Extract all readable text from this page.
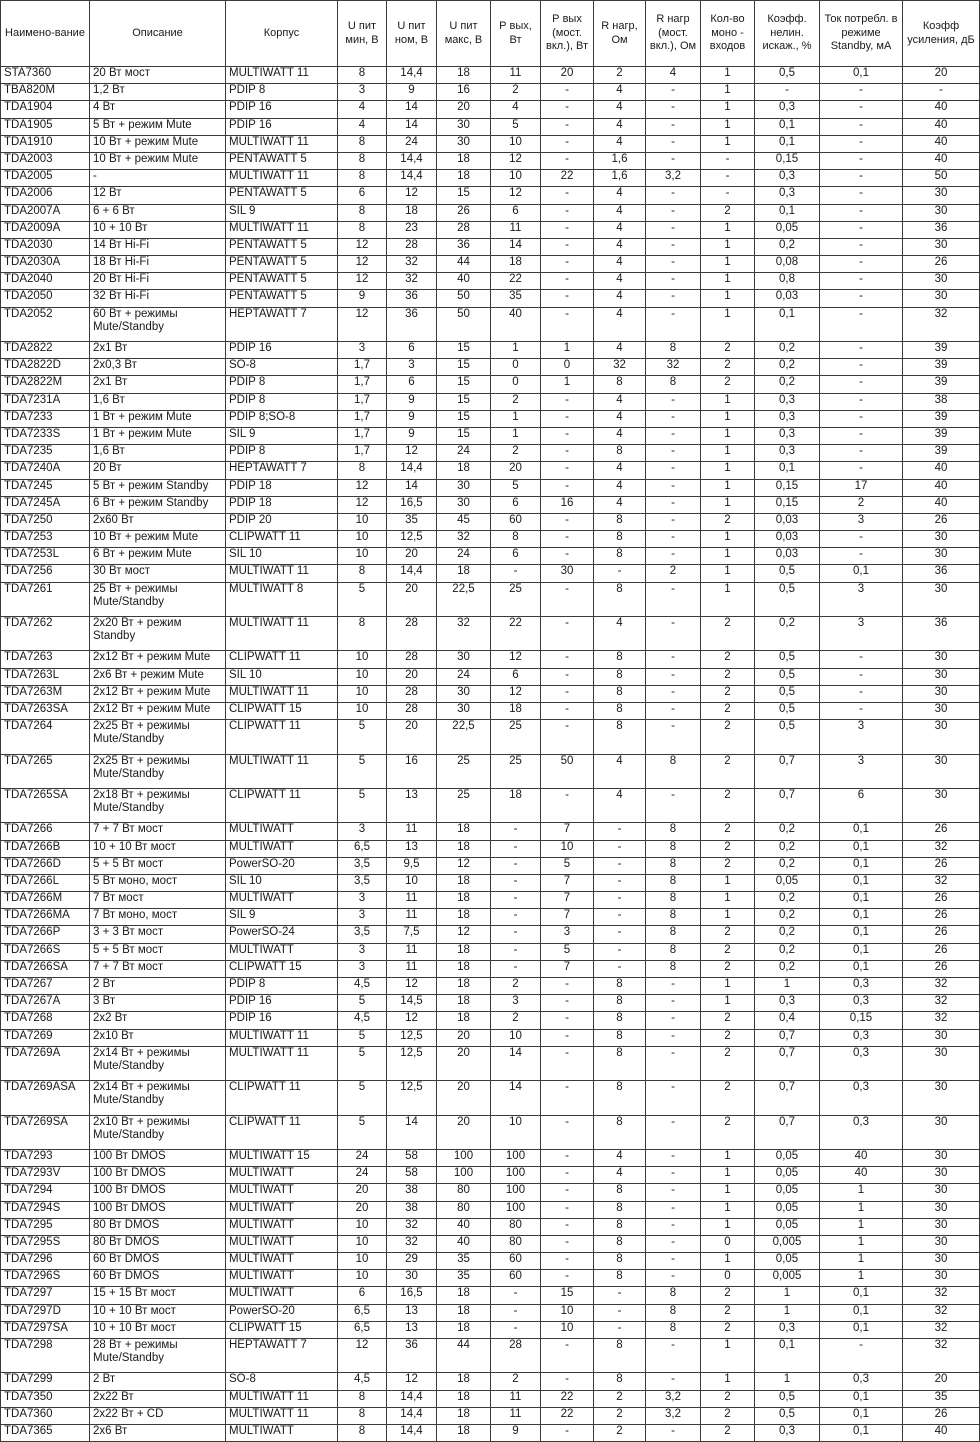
Наимено-вание	Описание	Корпус	U пит мин, В	U пит ном, В	U пит макс, В	Р вых, Вт	Р вых (мост. вкл.), Вт	R нагр, Ом	R нагр (мост. вкл.), Ом	Кол-во моно - входов	Коэфф. нелин. искаж., %	Ток потребл. в режиме Standby, мА	Коэфф усиления, дБ
STA7360	20 Вт мост	MULTIWATT 11	8	14,4	18	11	20	2	4	1	0,5	0,1	20
TBA820M	1,2 Вт	PDIP 8	3	9	16	2	-	4	-	1	-	-	-
TDA1904	4 Вт	PDIP 16	4	14	20	4	-	4	-	1	0,3	-	40
TDA1905	5 Вт + режим Mute	PDIP 16	4	14	30	5	-	4	-	1	0,1	-	40
TDA1910	10 Вт + режим Mute	MULTIWATT 11	8	24	30	10	-	4	-	1	0,1	-	40
TDA2003	10 Вт + режим Mute	PENTAWATT 5	8	14,4	18	12	-	1,6	-	-	0,15	-	40
TDA2005	-	MULTIWATT 11	8	14,4	18	10	22	1,6	3,2	-	0,3	-	50
TDA2006	12 Вт	PENTAWATT 5	6	12	15	12	-	4	-	-	0,3	-	30
TDA2007A	6 + 6 Вт	SIL 9	8	18	26	6	-	4	-	2	0,1	-	30
TDA2009A	10 + 10 Вт	MULTIWATT 11	8	23	28	11	-	4	-	1	0,05	-	36
TDA2030	14 Вт Hi-Fi	PENTAWATT 5	12	28	36	14	-	4	-	1	0,2	-	30
TDA2030A	18 Вт Hi-Fi	PENTAWATT 5	12	32	44	18	-	4	-	1	0,08	-	26
TDA2040	20 Вт Hi-Fi	PENTAWATT 5	12	32	40	22	-	4	-	1	0,8	-	30
TDA2050	32 Вт Hi-Fi	PENTAWATT 5	9	36	50	35	-	4	-	1	0,03	-	30
TDA2052	60 Вт + режимы Mute/Standby	HEPTAWATT 7	12	36	50	40	-	4	-	1	0,1	-	32
TDA2822	2x1 Вт	PDIP 16	3	6	15	1	1	4	8	2	0,2	-	39
TDA2822D	2x0,3 Вт	SO-8	1,7	3	15	0	0	32	32	2	0,2	-	39
TDA2822M	2x1 Вт	PDIP 8	1,7	6	15	0	1	8	8	2	0,2	-	39
TDA7231A	1,6 Вт	PDIP 8	1,7	9	15	2	-	4	-	1	0,3	-	38
TDA7233	1 Вт + режим Mute	PDIP 8;SO-8	1,7	9	15	1	-	4	-	1	0,3	-	39
TDA7233S	1 Вт + режим Mute	SIL 9	1,7	9	15	1	-	4	-	1	0,3	-	39
TDA7235	1,6 Вт	PDIP 8	1,7	12	24	2	-	8	-	1	0,3	-	39
TDA7240A	20 Вт	HEPTAWATT 7	8	14,4	18	20	-	4	-	1	0,1	-	40
TDA7245	5 Вт + режим Standby	PDIP 18	12	14	30	5	-	4	-	1	0,15	17	40
TDA7245A	6 Вт + режим Standby	PDIP 18	12	16,5	30	6	16	4	-	1	0,15	2	40
TDA7250	2x60 Вт	PDIP 20	10	35	45	60	-	8	-	2	0,03	3	26
TDA7253	10 Вт + режим Mute	CLIPWATT 11	10	12,5	32	8	-	8	-	1	0,03	-	30
TDA7253L	6 Вт + режим Mute	SIL 10	10	20	24	6	-	8	-	1	0,03	-	30
TDA7256	30 Вт мост	MULTIWATT 11	8	14,4	18	-	30	-	2	1	0,5	0,1	36
TDA7261	25 Вт + режимы Mute/Standby	MULTIWATT 8	5	20	22,5	25	-	8	-	1	0,5	3	30
TDA7262	2x20 Вт + режим Standby	MULTIWATT 11	8	28	32	22	-	4	-	2	0,2	3	36
TDA7263	2x12 Вт + режим Mute	CLIPWATT 11	10	28	30	12	-	8	-	2	0,5	-	30
TDA7263L	2x6 Вт + режим Mute	SIL 10	10	20	24	6	-	8	-	2	0,5	-	30
TDA7263M	2x12 Вт + режим Mute	MULTIWATT 11	10	28	30	12	-	8	-	2	0,5	-	30
TDA7263SA	2x12 Вт + режим Mute	CLIPWATT 15	10	28	30	18	-	8	-	2	0,5	-	30
TDA7264	2x25 Вт + режимы Mute/Standby	CLIPWATT 11	5	20	22,5	25	-	8	-	2	0,5	3	30
TDA7265	2x25 Вт + режимы Mute/Standby	MULTIWATT 11	5	16	25	25	50	4	8	2	0,7	3	30
TDA7265SA	2x18 Вт + режимы Mute/Standby	CLIPWATT 11	5	13	25	18	-	4	-	2	0,7	6	30
TDA7266	7 + 7 Вт мост	MULTIWATT	3	11	18	-	7	-	8	2	0,2	0,1	26
TDA7266B	10 + 10 Вт мост	MULTIWATT	6,5	13	18	-	10	-	8	2	0,2	0,1	32
TDA7266D	5 + 5 Вт мост	PowerSO-20	3,5	9,5	12	-	5	-	8	2	0,2	0,1	26
TDA7266L	5 Вт моно, мост	SIL 10	3,5	10	18	-	7	-	8	1	0,05	0,1	32
TDA7266M	7 Вт мост	MULTIWATT	3	11	18	-	7	-	8	1	0,2	0,1	26
TDA7266MA	7 Вт моно, мост	SIL 9	3	11	18	-	7	-	8	1	0,2	0,1	26
TDA7266P	3 + 3 Вт мост	PowerSO-24	3,5	7,5	12	-	3	-	8	2	0,2	0,1	26
TDA7266S	5 + 5 Вт мост	MULTIWATT	3	11	18	-	5	-	8	2	0,2	0,1	26
TDA7266SA	7 + 7 Вт мост	CLIPWATT 15	3	11	18	-	7	-	8	2	0,2	0,1	26
TDA7267	2 Вт	PDIP 8	4,5	12	18	2	-	8	-	1	1	0,3	32
TDA7267A	3 Вт	PDIP 16	5	14,5	18	3	-	8	-	1	0,3	0,3	32
TDA7268	2x2 Вт	PDIP 16	4,5	12	18	2	-	8	-	2	0,4	0,15	32
TDA7269	2x10 Вт	MULTIWATT 11	5	12,5	20	10	-	8	-	2	0,7	0,3	30
TDA7269A	2x14 Вт + режимы Mute/Standby	MULTIWATT 11	5	12,5	20	14	-	8	-	2	0,7	0,3	30
TDA7269ASA	2x14 Вт + режимы Mute/Standby	CLIPWATT 11	5	12,5	20	14	-	8	-	2	0,7	0,3	30
TDA7269SA	2x10 Вт + режимы Mute/Standby	CLIPWATT 11	5	14	20	10	-	8	-	2	0,7	0,3	30
TDA7293	100 Вт DMOS	MULTIWATT 15	24	58	100	100	-	4	-	1	0,05	40	30
TDA7293V	100 Вт DMOS	MULTIWATT	24	58	100	100	-	4	-	1	0,05	40	30
TDA7294	100 Вт DMOS	MULTIWATT	20	38	80	100	-	8	-	1	0,05	1	30
TDA7294S	100 Вт DMOS	MULTIWATT	20	38	80	100	-	8	-	1	0,05	1	30
TDA7295	80 Вт DMOS	MULTIWATT	10	32	40	80	-	8	-	1	0,05	1	30
TDA7295S	80 Вт DMOS	MULTIWATT	10	32	40	80	-	8	-	0	0,005	1	30
TDA7296	60 Вт DMOS	MULTIWATT	10	29	35	60	-	8	-	1	0,05	1	30
TDA7296S	60 Вт DMOS	MULTIWATT	10	30	35	60	-	8	-	0	0,005	1	30
TDA7297	15 + 15 Вт мост	MULTIWATT	6	16,5	18	-	15	-	8	2	1	0,1	32
TDA7297D	10 + 10 Вт мост	PowerSO-20	6,5	13	18	-	10	-	8	2	1	0,1	32
TDA7297SA	10 + 10 Вт мост	CLIPWATT 15	6,5	13	18	-	10	-	8	2	0,3	0,1	32
TDA7298	28 Вт + режимы Mute/Standby	HEPTAWATT 7	12	36	44	28	-	8	-	1	0,1	-	32
TDA7299	2 Вт	SO-8	4,5	12	18	2	-	8	-	1	1	0,3	20
TDA7350	2x22 Вт	MULTIWATT 11	8	14,4	18	11	22	2	3,2	2	0,5	0,1	35
TDA7360	2x22 Вт + CD	MULTIWATT 11	8	14,4	18	11	22	2	3,2	2	0,5	0,1	26
TDA7365	2x6 Вт	MULTIWATT	8	14,4	18	9	-	2	-	2	0,3	0,1	40
